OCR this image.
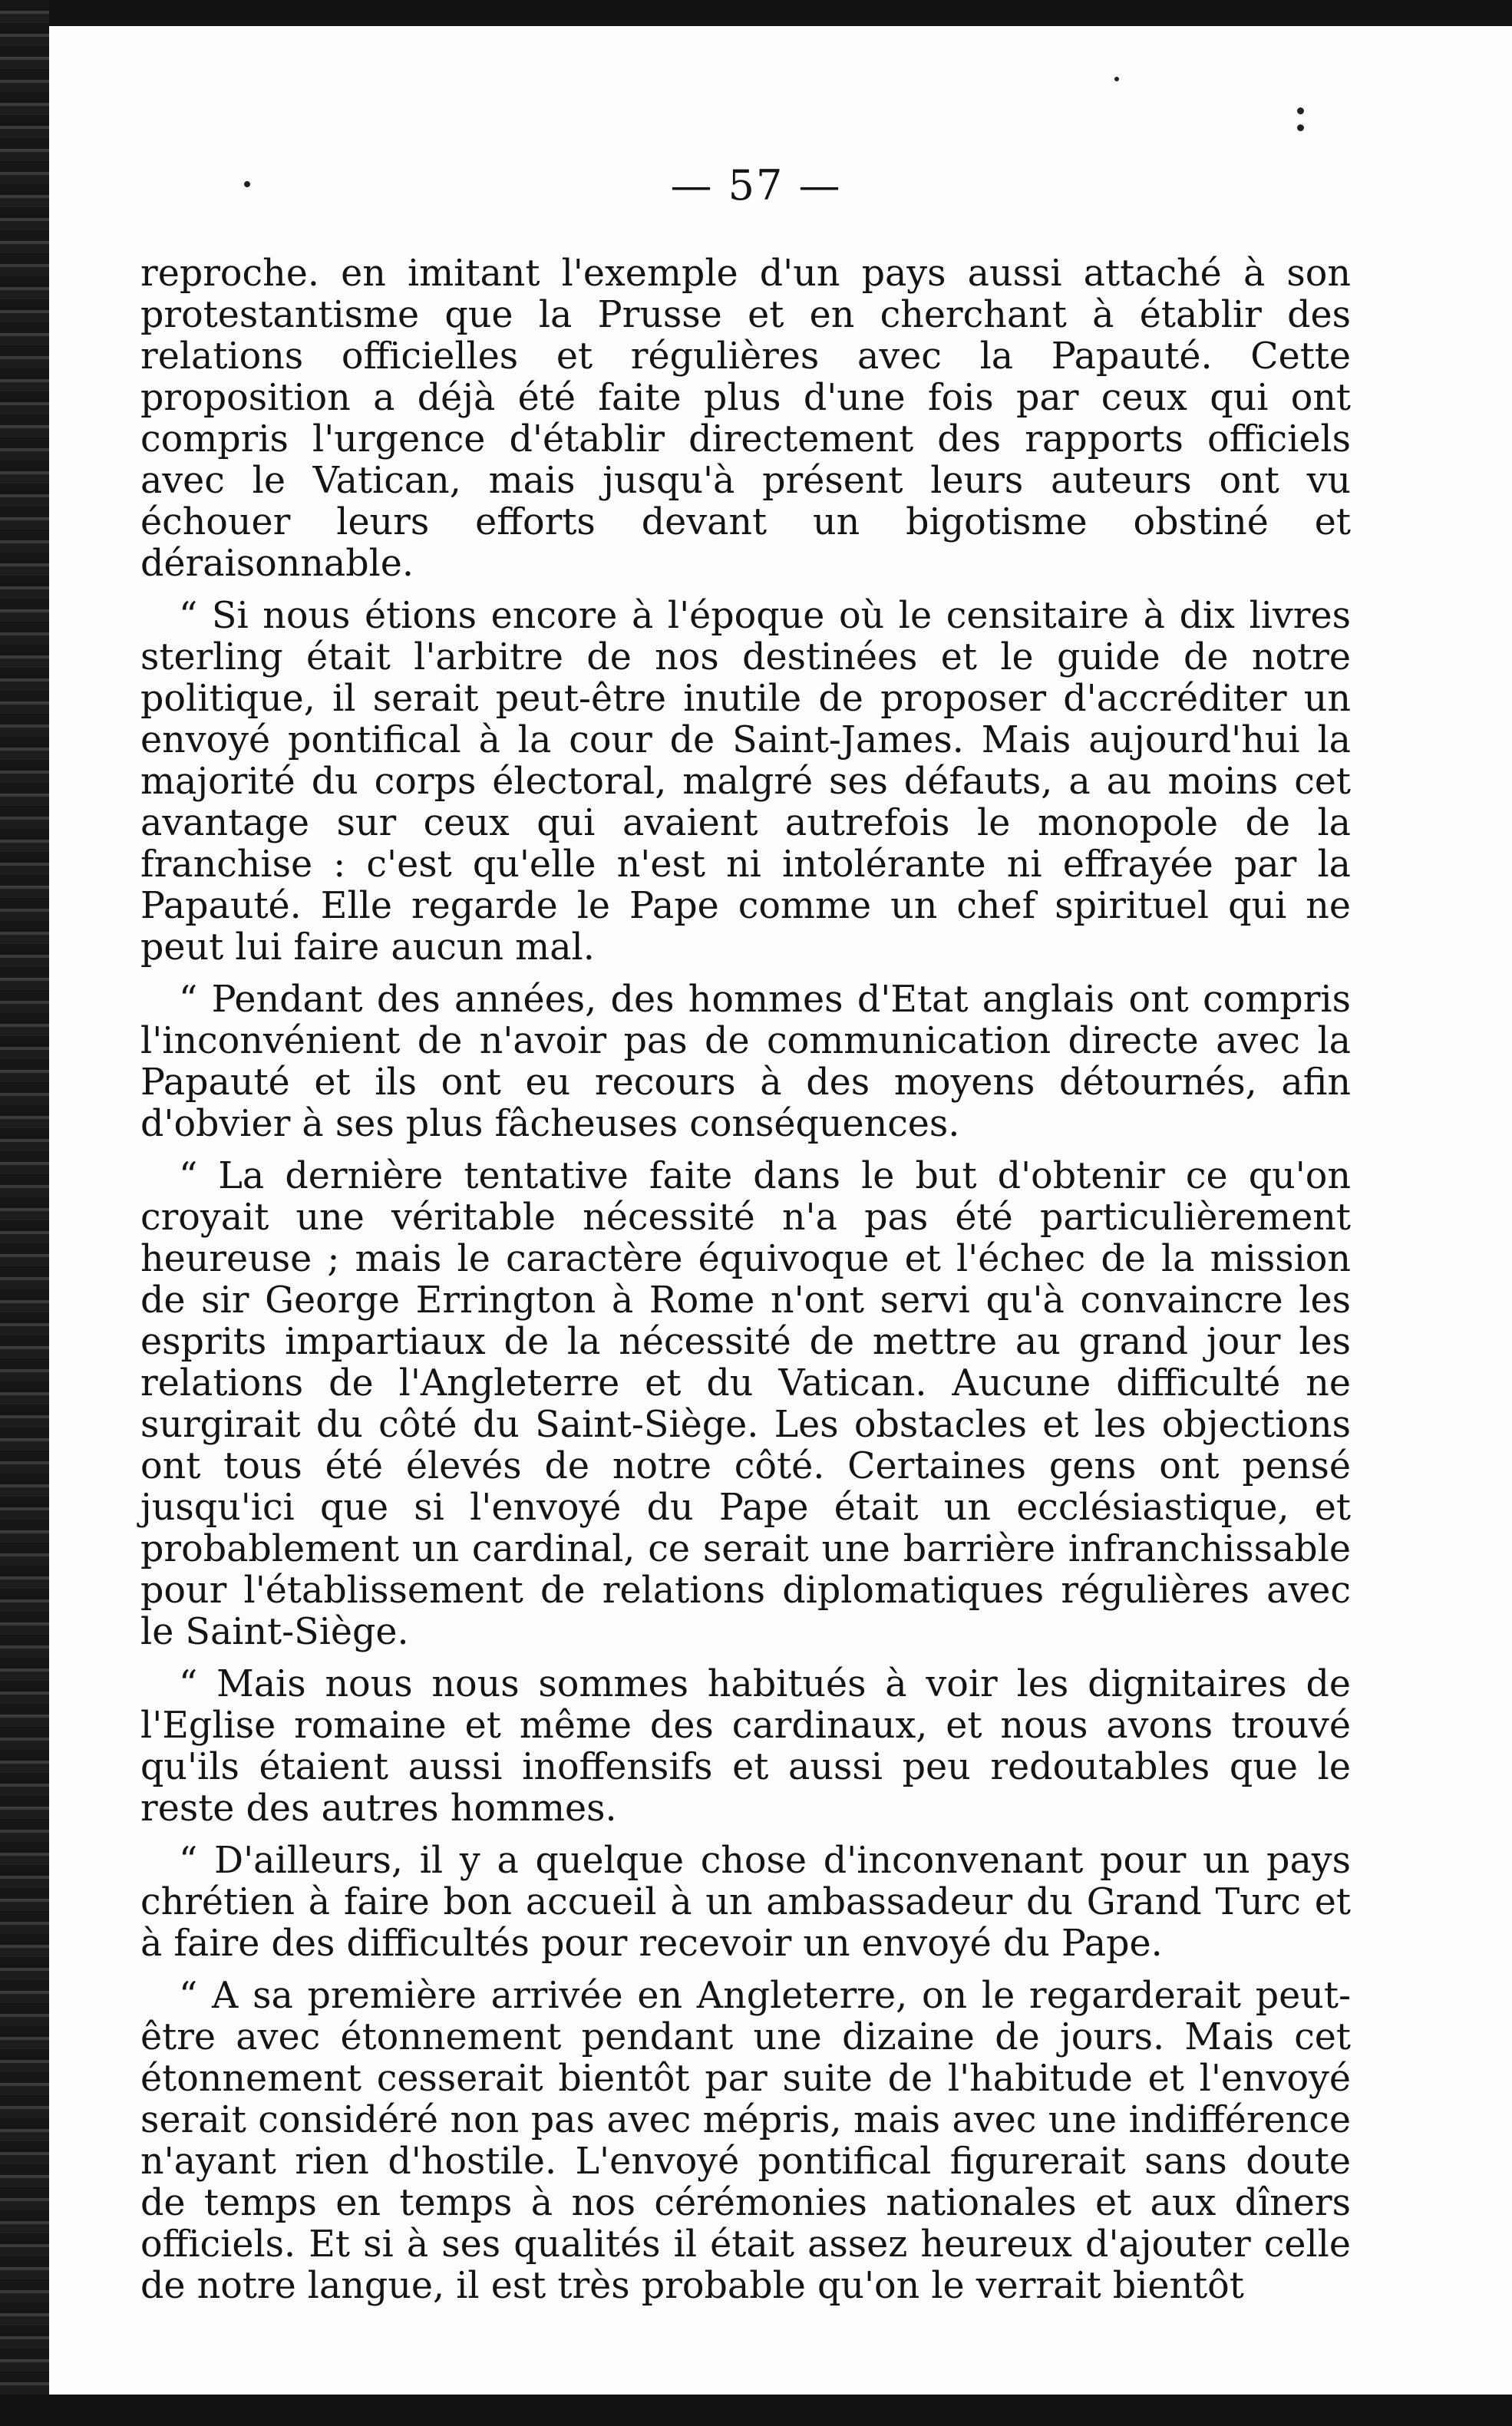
— 57 —

reproche. en imitant l'exemple d'un pays aussi attaché à son protestantisme que la Prusse et en cherchant à établir des relations officielles et régulières avec la Papauté. Cette proposition a déjà été faite plus d'une fois par ceux qui ont compris l'urgence d'établir directement des rapports officiels avec le Vatican, mais jusqu'à présent leurs auteurs ont vu échouer leurs efforts devant un bigotisme obstiné et déraisonnable.

“ Si nous étions encore à l'époque où le censitaire à dix livres sterling était l'arbitre de nos destinées et le guide de notre politique, il serait peut-être inutile de proposer d'accréditer un envoyé pontifical à la cour de Saint-James. Mais aujourd'hui la majorité du corps électoral, malgré ses défauts, a au moins cet avantage sur ceux qui avaient autrefois le monopole de la franchise : c'est qu'elle n'est ni intolérante ni effrayée par la Papauté. Elle regarde le Pape comme un chef spirituel qui ne peut lui faire aucun mal.

“ Pendant des années, des hommes d'Etat anglais ont compris l'inconvénient de n'avoir pas de communication directe avec la Papauté et ils ont eu recours à des moyens détournés, afin d'obvier à ses plus fâcheuses conséquences.

“ La dernière tentative faite dans le but d'obtenir ce qu'on croyait une véritable nécessité n'a pas été particulièrement heureuse ; mais le caractère équivoque et l'échec de la mission de sir George Errington à Rome n'ont servi qu'à convaincre les esprits impartiaux de la nécessité de mettre au grand jour les relations de l'Angleterre et du Vatican. Aucune difficulté ne surgirait du côté du Saint-Siège. Les obstacles et les objections ont tous été élevés de notre côté. Certaines gens ont pensé jusqu'ici que si l'envoyé du Pape était un ecclésiastique, et probablement un cardinal, ce serait une barrière infranchissable pour l'établissement de relations diplomatiques régulières avec le Saint-Siège.

“ Mais nous nous sommes habitués à voir les dignitaires de l'Eglise romaine et même des cardinaux, et nous avons trouvé qu'ils étaient aussi inoffensifs et aussi peu redoutables que le reste des autres hommes.

“ D'ailleurs, il y a quelque chose d'inconvenant pour un pays chrétien à faire bon accueil à un ambassadeur du Grand Turc et à faire des difficultés pour recevoir un envoyé du Pape.

“ A sa première arrivée en Angleterre, on le regarderait peut-être avec étonnement pendant une dizaine de jours. Mais cet étonnement cesserait bientôt par suite de l'habitude et l'envoyé serait considéré non pas avec mépris, mais avec une indifférence n'ayant rien d'hostile. L'envoyé pontifical figurerait sans doute de temps en temps à nos cérémonies nationales et aux dîners officiels. Et si à ses qualités il était assez heureux d'ajouter celle de notre langue, il est très probable qu'on le verrait bientôt
